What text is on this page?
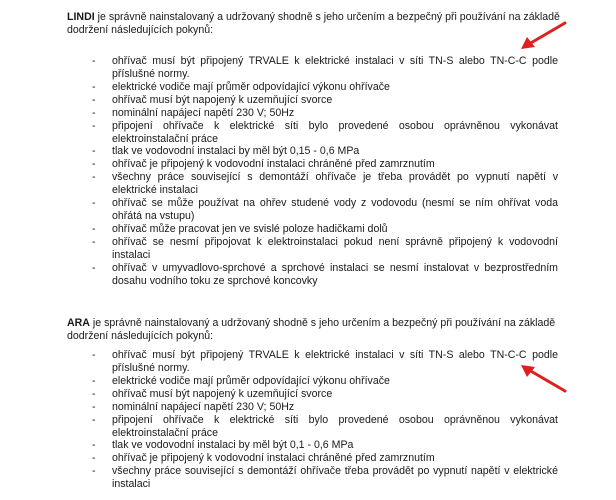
LINDI je správně nainstalovaný a udržovaný shodně s jeho určením a bezpečný při používání na základě dodržení následujících pokynů:

- ohřívač musí být připojený TRVALE k elektrické instalaci v síti TN-S alebo TN-C-C podle příslušné normy.
- elektrické vodiče mají průměr odpovídající výkonu ohřívače
- ohřívač musí být napojený k uzemňující svorce
- nominální napájecí napětí 230 V; 50Hz
- připojení ohřívače k elektrické síti bylo provedené osobou oprávněnou vykonávat elektroinstalační práce
- tlak ve vodovodní instalaci by měl být 0,15 - 0,6 MPa
- ohřívač je připojený k vodovodní instalaci chráněné před zamrznutím
- všechny práce související s demontáží ohřívače je třeba provádět po vypnutí napětí v elektrické instalaci
- ohřívač se může používat na ohřev studené vody z vodovodu (nesmí se ním ohřívat voda ohřátá na vstupu)
- ohřívač může pracovat jen ve svislé poloze hadičkami dolů
- ohřívač se nesmí připojovat k elektroinstalaci pokud není správně připojený k vodovodní instalaci
- ohřívač v umyvadlovo-sprchové a sprchové instalaci se nesmí instalovat v bezprostředním dosahu vodního toku ze sprchové koncovky

ARA je správně nainstalovaný a udržovaný shodně s jeho určením a bezpečný při používání na základě dodržení následujících pokynů:

- ohřívač musí být připojený TRVALE k elektrické instalaci v síti TN-S alebo TN-C-C podle příslušné normy.
- elektrické vodiče mají průměr odpovídající výkonu ohřívače
- ohřívač musí být napojený k uzemňující svorce
- nominální napájecí napětí 230 V; 50Hz
- připojení ohřívače k elektrické síti bylo provedené osobou oprávněnou vykonávat elektroinstalační práce
- tlak ve vodovodní instalaci by měl být 0,1 - 0,6 MPa
- ohřívač je připojený k vodovodní instalaci chráněné před zamrznutím
- všechny práce související s demontáží ohřívače třeba provádět po vypnutí napětí v elektrické instalaci
